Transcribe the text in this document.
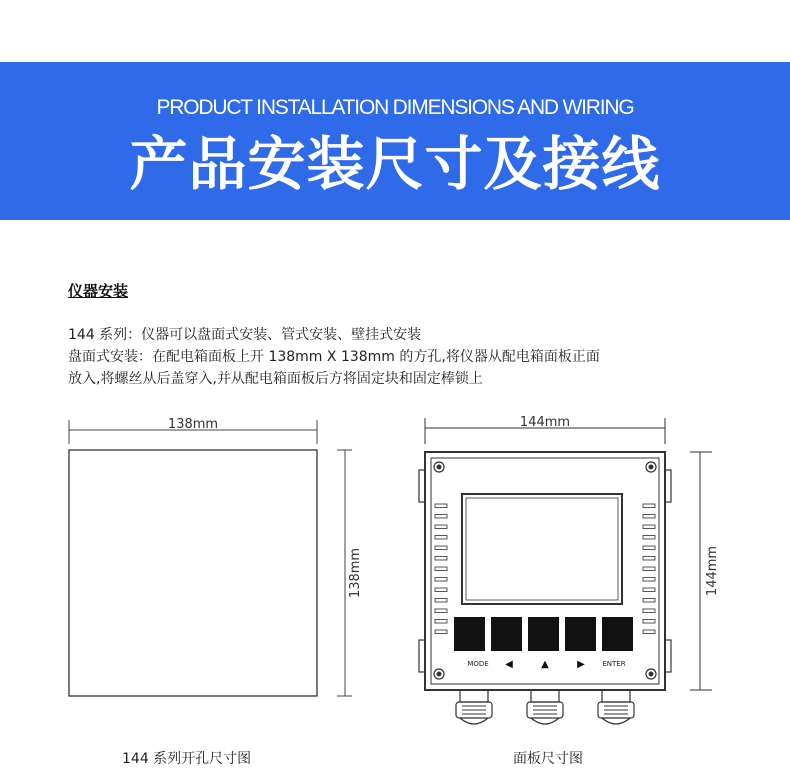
PRODUCT INSTALLATION DIMENSIONS AND WIRING
产品安装尺寸及接线
仪器安装
144 系列：仪器可以盘面式安装、管式安装、壁挂式安装
盘面式安装：在配电箱面板上开 138mm X 138mm 的方孔,将仪器从配电箱面板正面
放入,将螺丝从后盖穿入,并从配电箱面板后方将固定块和固定棒锁上
138mm
138mm
MODE ◀	▲	▶	ENTER
144mm
144mm
144 系列开孔尺寸图	面板尺寸图
